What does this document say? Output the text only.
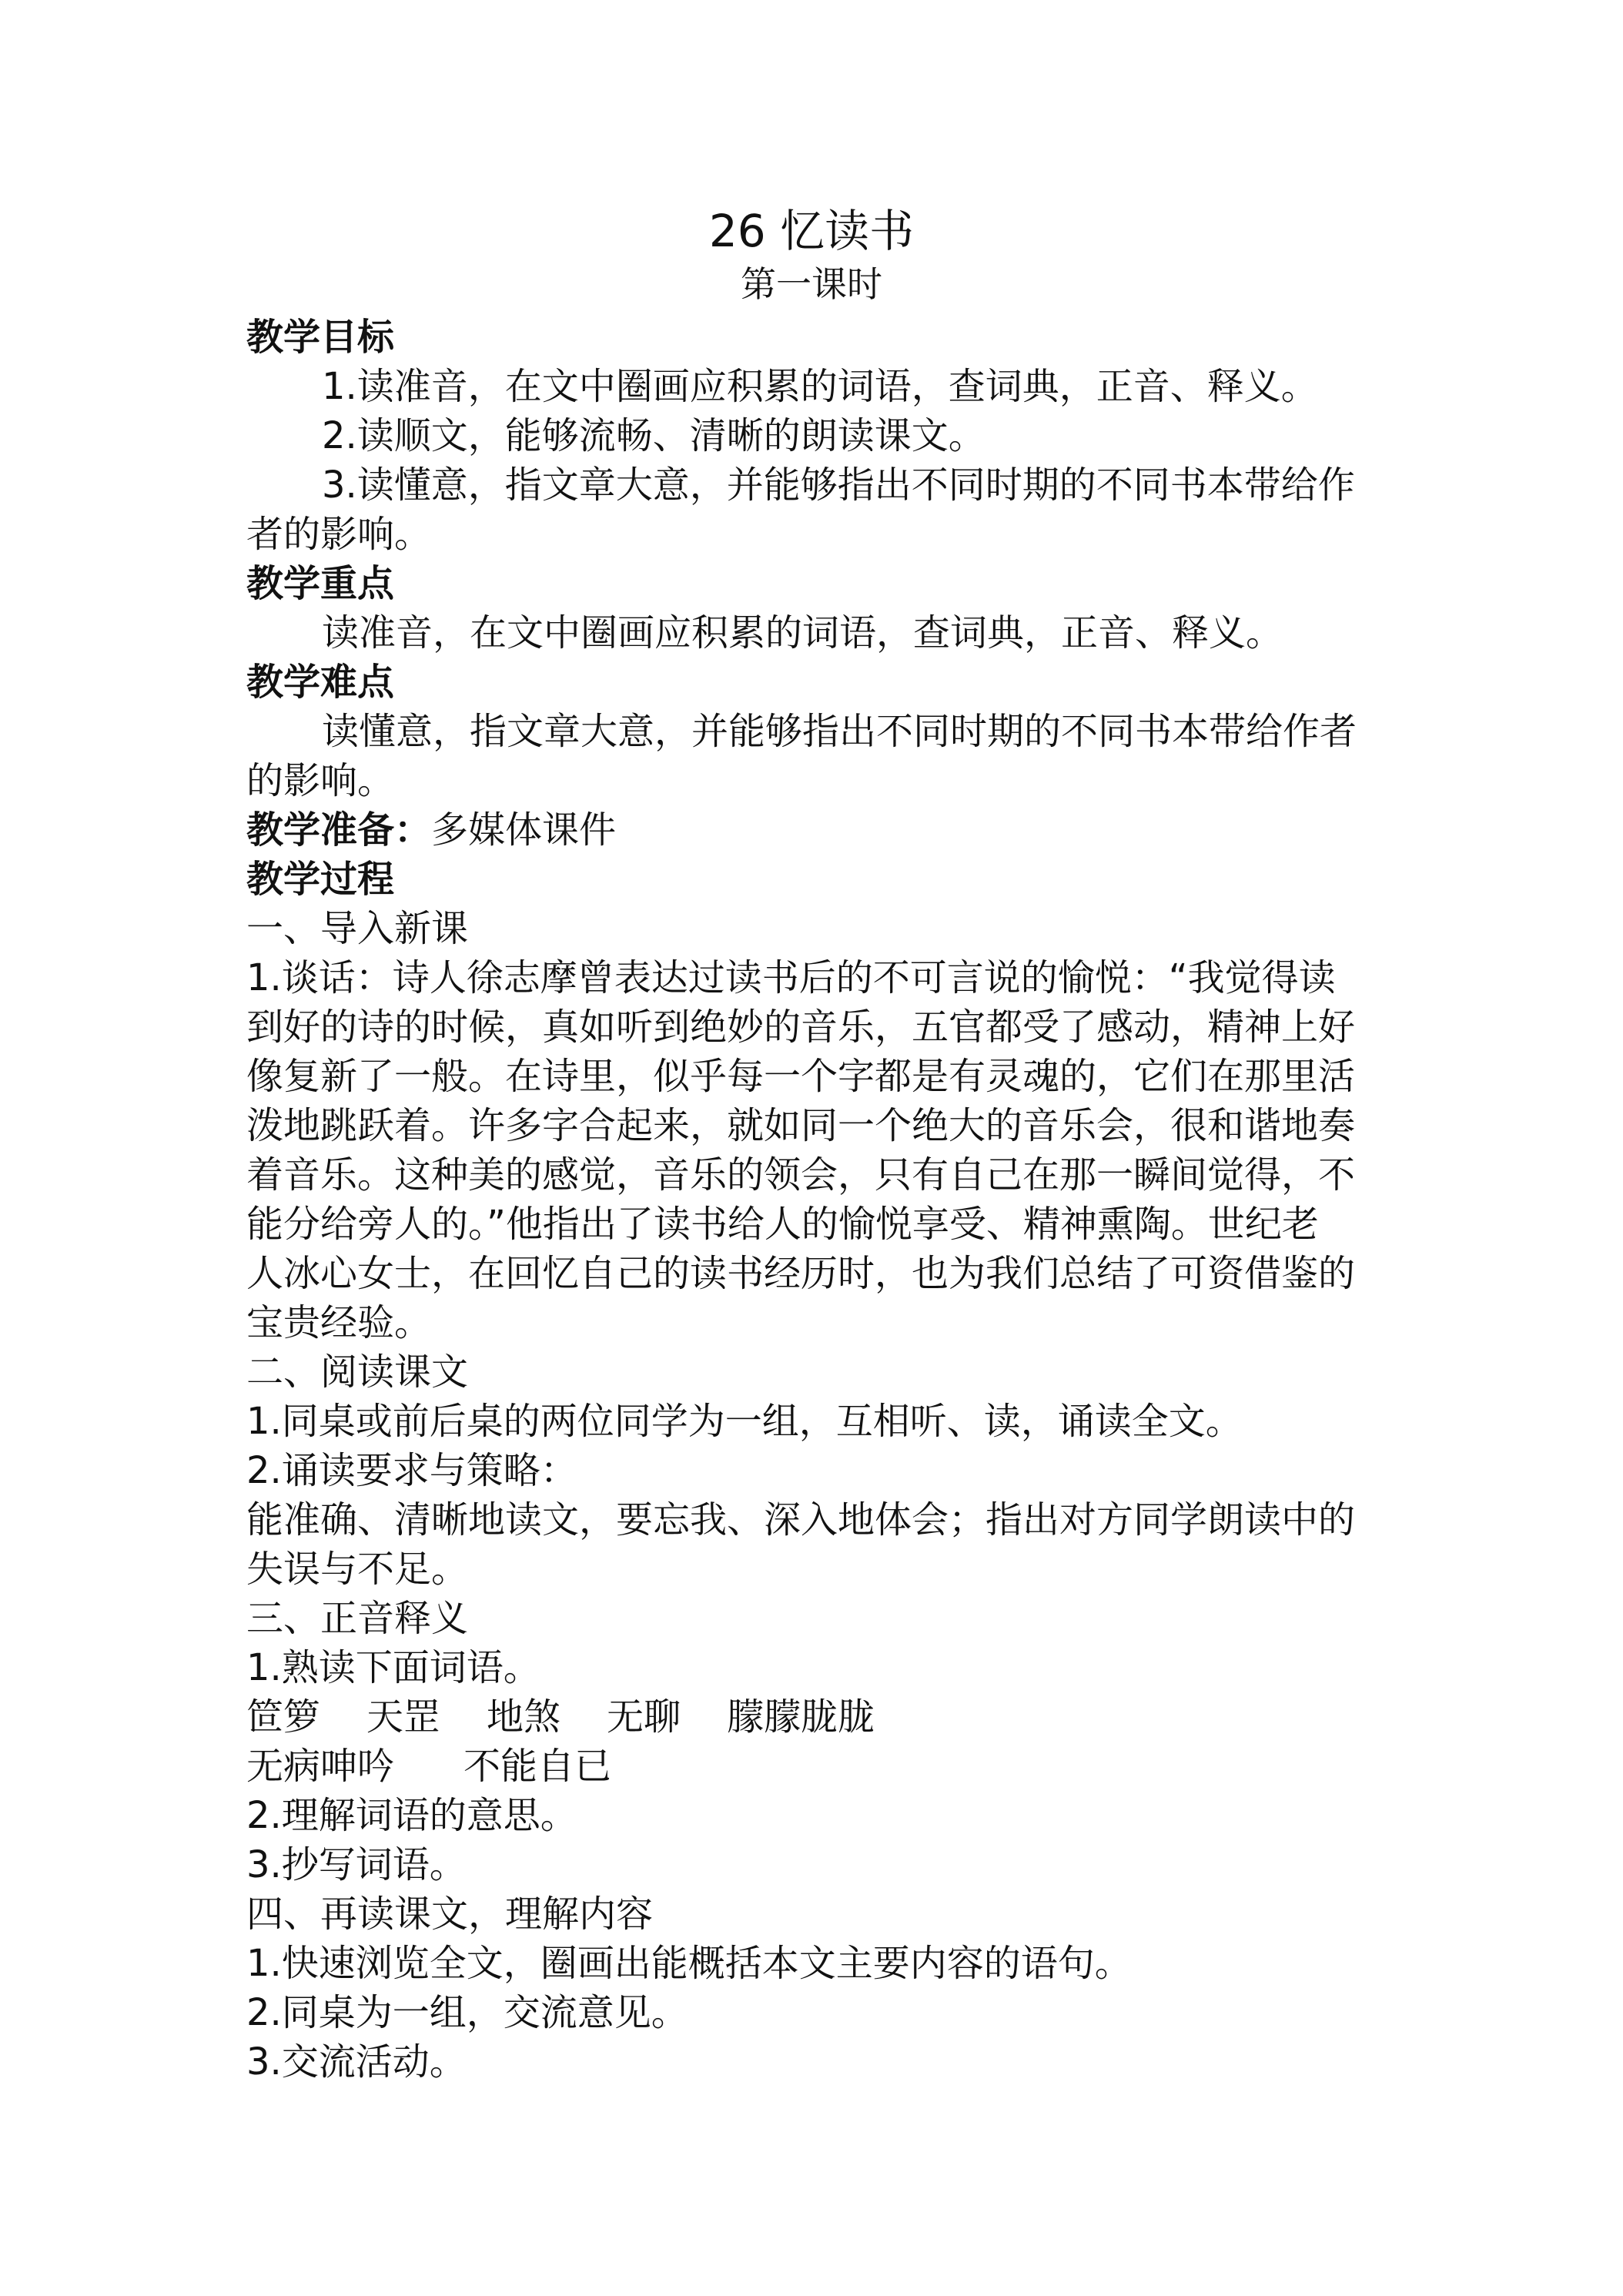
26 忆读书
第一课时
教学目标
1.读准音，在文中圈画应积累的词语，查词典，正音、释义。
2.读顺文，能够流畅、清晰的朗读课文。
3.读懂意，指文章大意，并能够指出不同时期的不同书本带给作
者的影响。
教学重点
读准音，在文中圈画应积累的词语，查词典，正音、释义。
教学难点
读懂意，指文章大意，并能够指出不同时期的不同书本带给作者
的影响。
教学准备：多媒体课件
教学过程
一、导入新课
1.谈话：诗人徐志摩曾表达过读书后的不可言说的愉悦：“我觉得读
到好的诗的时候，真如听到绝妙的音乐，五官都受了感动，精神上好
像复新了一般。在诗里，似乎每一个字都是有灵魂的，它们在那里活
泼地跳跃着。许多字合起来，就如同一个绝大的音乐会，很和谐地奏
着音乐。这种美的感觉，音乐的领会，只有自己在那一瞬间觉得，不
能分给旁人的。”他指出了读书给人的愉悦享受、精神熏陶。世纪老
人冰心女士，在回忆自己的读书经历时，也为我们总结了可资借鉴的
宝贵经验。
二、阅读课文
1.同桌或前后桌的两位同学为一组，互相听、读，诵读全文。
2.诵读要求与策略：
能准确、清晰地读文，要忘我、深入地体会；指出对方同学朗读中的
失误与不足。
三、正音释义
1.熟读下面词语。
笸箩 天罡 地煞 无聊 朦朦胧胧
无病呻吟 不能自已
2.理解词语的意思。
3.抄写词语。
四、再读课文，理解内容
1.快速浏览全文，圈画出能概括本文主要内容的语句。
2.同桌为一组，交流意见。
3.交流活动。
